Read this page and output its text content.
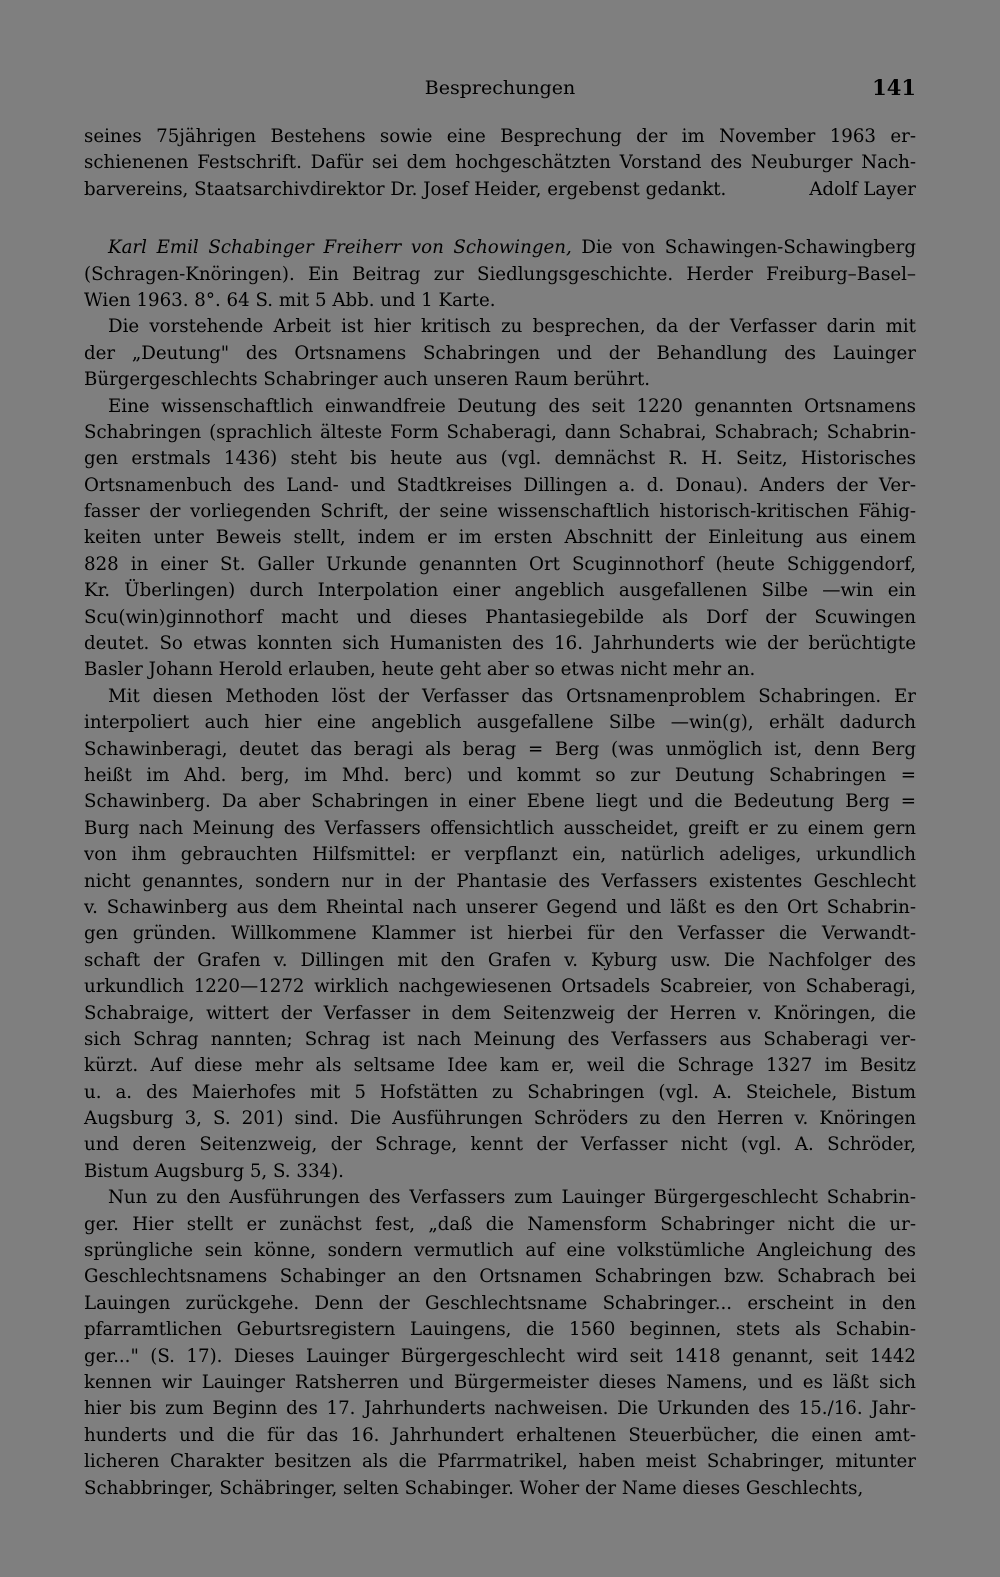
Besprechungen	141
seines 75jährigen Bestehens sowie eine Besprechung der im November 1963 er-
schienenen Festschrift. Dafür sei dem hochgeschätzten Vorstand des Neuburger Nach-
barvereins, Staatsarchivdirektor Dr. Josef Heider, ergebenst gedankt.	Adolf Layer
Karl Emil Schabinger Freiherr von Schowingen, Die von Schawingen-Schawingberg
(Schragen-Knöringen). Ein Beitrag zur Siedlungsgeschichte. Herder Freiburg–Basel–
Wien 1963. 8°. 64 S. mit 5 Abb. und 1 Karte.
Die vorstehende Arbeit ist hier kritisch zu besprechen, da der Verfasser darin mit
der „Deutung" des Ortsnamens Schabringen und der Behandlung des Lauinger
Bürgergeschlechts Schabringer auch unseren Raum berührt.
Eine wissenschaftlich einwandfreie Deutung des seit 1220 genannten Ortsnamens
Schabringen (sprachlich älteste Form Schaberagi, dann Schabrai, Schabrach; Schabrin-
gen erstmals 1436) steht bis heute aus (vgl. demnächst R. H. Seitz, Historisches
Ortsnamenbuch des Land- und Stadtkreises Dillingen a. d. Donau). Anders der Ver-
fasser der vorliegenden Schrift, der seine wissenschaftlich historisch-kritischen Fähig-
keiten unter Beweis stellt, indem er im ersten Abschnitt der Einleitung aus einem
828 in einer St. Galler Urkunde genannten Ort Scuginnothorf (heute Schiggendorf,
Kr. Überlingen) durch Interpolation einer angeblich ausgefallenen Silbe —win ein
Scu(win)ginnothorf macht und dieses Phantasiegebilde als Dorf der Scuwingen
deutet. So etwas konnten sich Humanisten des 16. Jahrhunderts wie der berüchtigte
Basler Johann Herold erlauben, heute geht aber so etwas nicht mehr an.
Mit diesen Methoden löst der Verfasser das Ortsnamenproblem Schabringen. Er
interpoliert auch hier eine angeblich ausgefallene Silbe —win(g), erhält dadurch
Schawinberagi, deutet das beragi als berag = Berg (was unmöglich ist, denn Berg
heißt im Ahd. berg, im Mhd. berc) und kommt so zur Deutung Schabringen =
Schawinberg. Da aber Schabringen in einer Ebene liegt und die Bedeutung Berg =
Burg nach Meinung des Verfassers offensichtlich ausscheidet, greift er zu einem gern
von ihm gebrauchten Hilfsmittel: er verpflanzt ein, natürlich adeliges, urkundlich
nicht genanntes, sondern nur in der Phantasie des Verfassers existentes Geschlecht
v. Schawinberg aus dem Rheintal nach unserer Gegend und läßt es den Ort Schabrin-
gen gründen. Willkommene Klammer ist hierbei für den Verfasser die Verwandt-
schaft der Grafen v. Dillingen mit den Grafen v. Kyburg usw. Die Nachfolger des
urkundlich 1220—1272 wirklich nachgewiesenen Ortsadels Scabreier, von Schaberagi,
Schabraige, wittert der Verfasser in dem Seitenzweig der Herren v. Knöringen, die
sich Schrag nannten; Schrag ist nach Meinung des Verfassers aus Schaberagi ver-
kürzt. Auf diese mehr als seltsame Idee kam er, weil die Schrage 1327 im Besitz
u. a. des Maierhofes mit 5 Hofstätten zu Schabringen (vgl. A. Steichele, Bistum
Augsburg 3, S. 201) sind. Die Ausführungen Schröders zu den Herren v. Knöringen
und deren Seitenzweig, der Schrage, kennt der Verfasser nicht (vgl. A. Schröder,
Bistum Augsburg 5, S. 334).
Nun zu den Ausführungen des Verfassers zum Lauinger Bürgergeschlecht Schabrin-
ger. Hier stellt er zunächst fest, „daß die Namensform Schabringer nicht die ur-
sprüngliche sein könne, sondern vermutlich auf eine volkstümliche Angleichung des
Geschlechtsnamens Schabinger an den Ortsnamen Schabringen bzw. Schabrach bei
Lauingen zurückgehe. Denn der Geschlechtsname Schabringer... erscheint in den
pfarramtlichen Geburtsregistern Lauingens, die 1560 beginnen, stets als Schabin-
ger..." (S. 17). Dieses Lauinger Bürgergeschlecht wird seit 1418 genannt, seit 1442
kennen wir Lauinger Ratsherren und Bürgermeister dieses Namens, und es läßt sich
hier bis zum Beginn des 17. Jahrhunderts nachweisen. Die Urkunden des 15./16. Jahr-
hunderts und die für das 16. Jahrhundert erhaltenen Steuerbücher, die einen amt-
licheren Charakter besitzen als die Pfarrmatrikel, haben meist Schabringer, mitunter
Schabbringer, Schäbringer, selten Schabinger. Woher der Name dieses Geschlechts,
